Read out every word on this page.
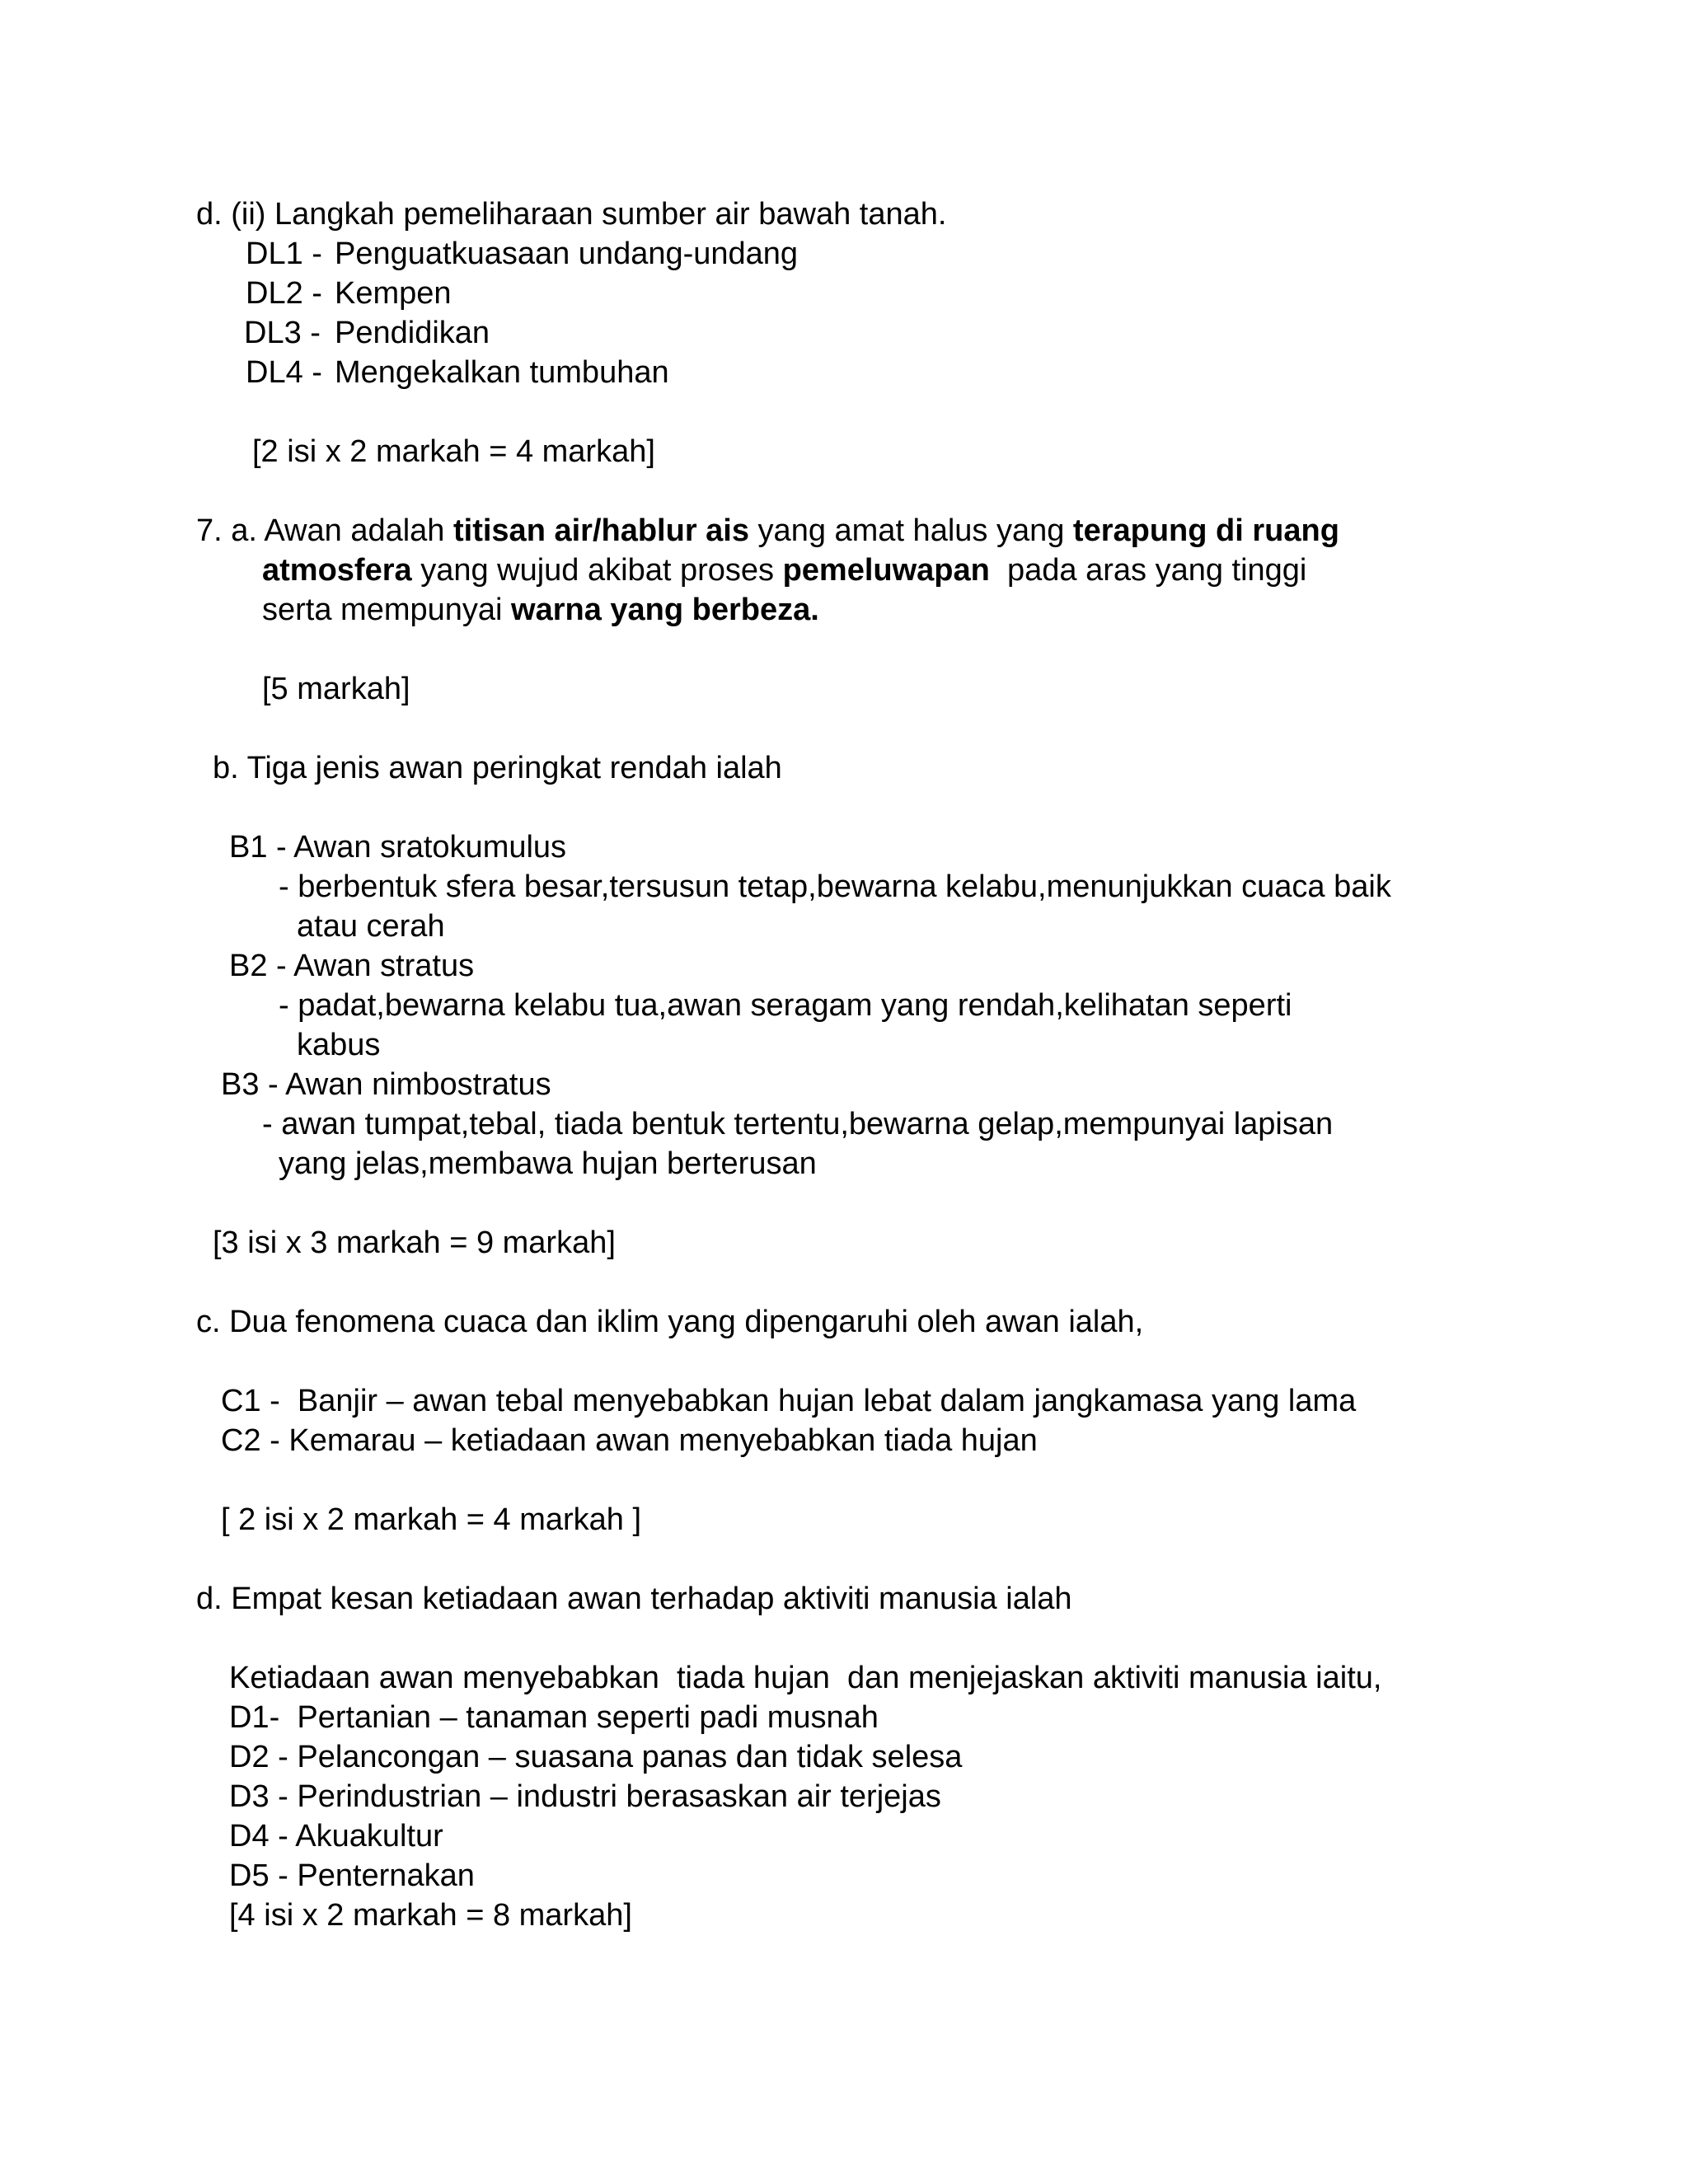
d. (ii) Langkah pemeliharaan sumber air bawah tanah.
DL1 - Penguatkuasaan undang-undang
DL2 - Kempen
DL3 - Pendidikan
DL4 - Mengekalkan tumbuhan
[2 isi x 2 markah = 4 markah]
7. a. Awan adalah titisan air/hablur ais yang amat halus yang terapung di ruang
atmosfera yang wujud akibat proses pemeluwapan  pada aras yang tinggi
serta mempunyai warna yang berbeza.
[5 markah]
b. Tiga jenis awan peringkat rendah ialah
B1 - Awan sratokumulus
- berbentuk sfera besar,tersusun tetap,bewarna kelabu,menunjukkan cuaca baik
atau cerah
B2 - Awan stratus
- padat,bewarna kelabu tua,awan seragam yang rendah,kelihatan seperti
kabus
B3 - Awan nimbostratus
- awan tumpat,tebal, tiada bentuk tertentu,bewarna gelap,mempunyai lapisan
yang jelas,membawa hujan berterusan
[3 isi x 3 markah = 9 markah]
c. Dua fenomena cuaca dan iklim yang dipengaruhi oleh awan ialah,
C1 -  Banjir – awan tebal menyebabkan hujan lebat dalam jangkamasa yang lama
C2 - Kemarau – ketiadaan awan menyebabkan tiada hujan
[ 2 isi x 2 markah = 4 markah ]
d. Empat kesan ketiadaan awan terhadap aktiviti manusia ialah
Ketiadaan awan menyebabkan  tiada hujan  dan menjejaskan aktiviti manusia iaitu,
D1-  Pertanian – tanaman seperti padi musnah
D2 - Pelancongan – suasana panas dan tidak selesa
D3 - Perindustrian – industri berasaskan air terjejas
D4 - Akuakultur
D5 - Penternakan
[4 isi x 2 markah = 8 markah]
